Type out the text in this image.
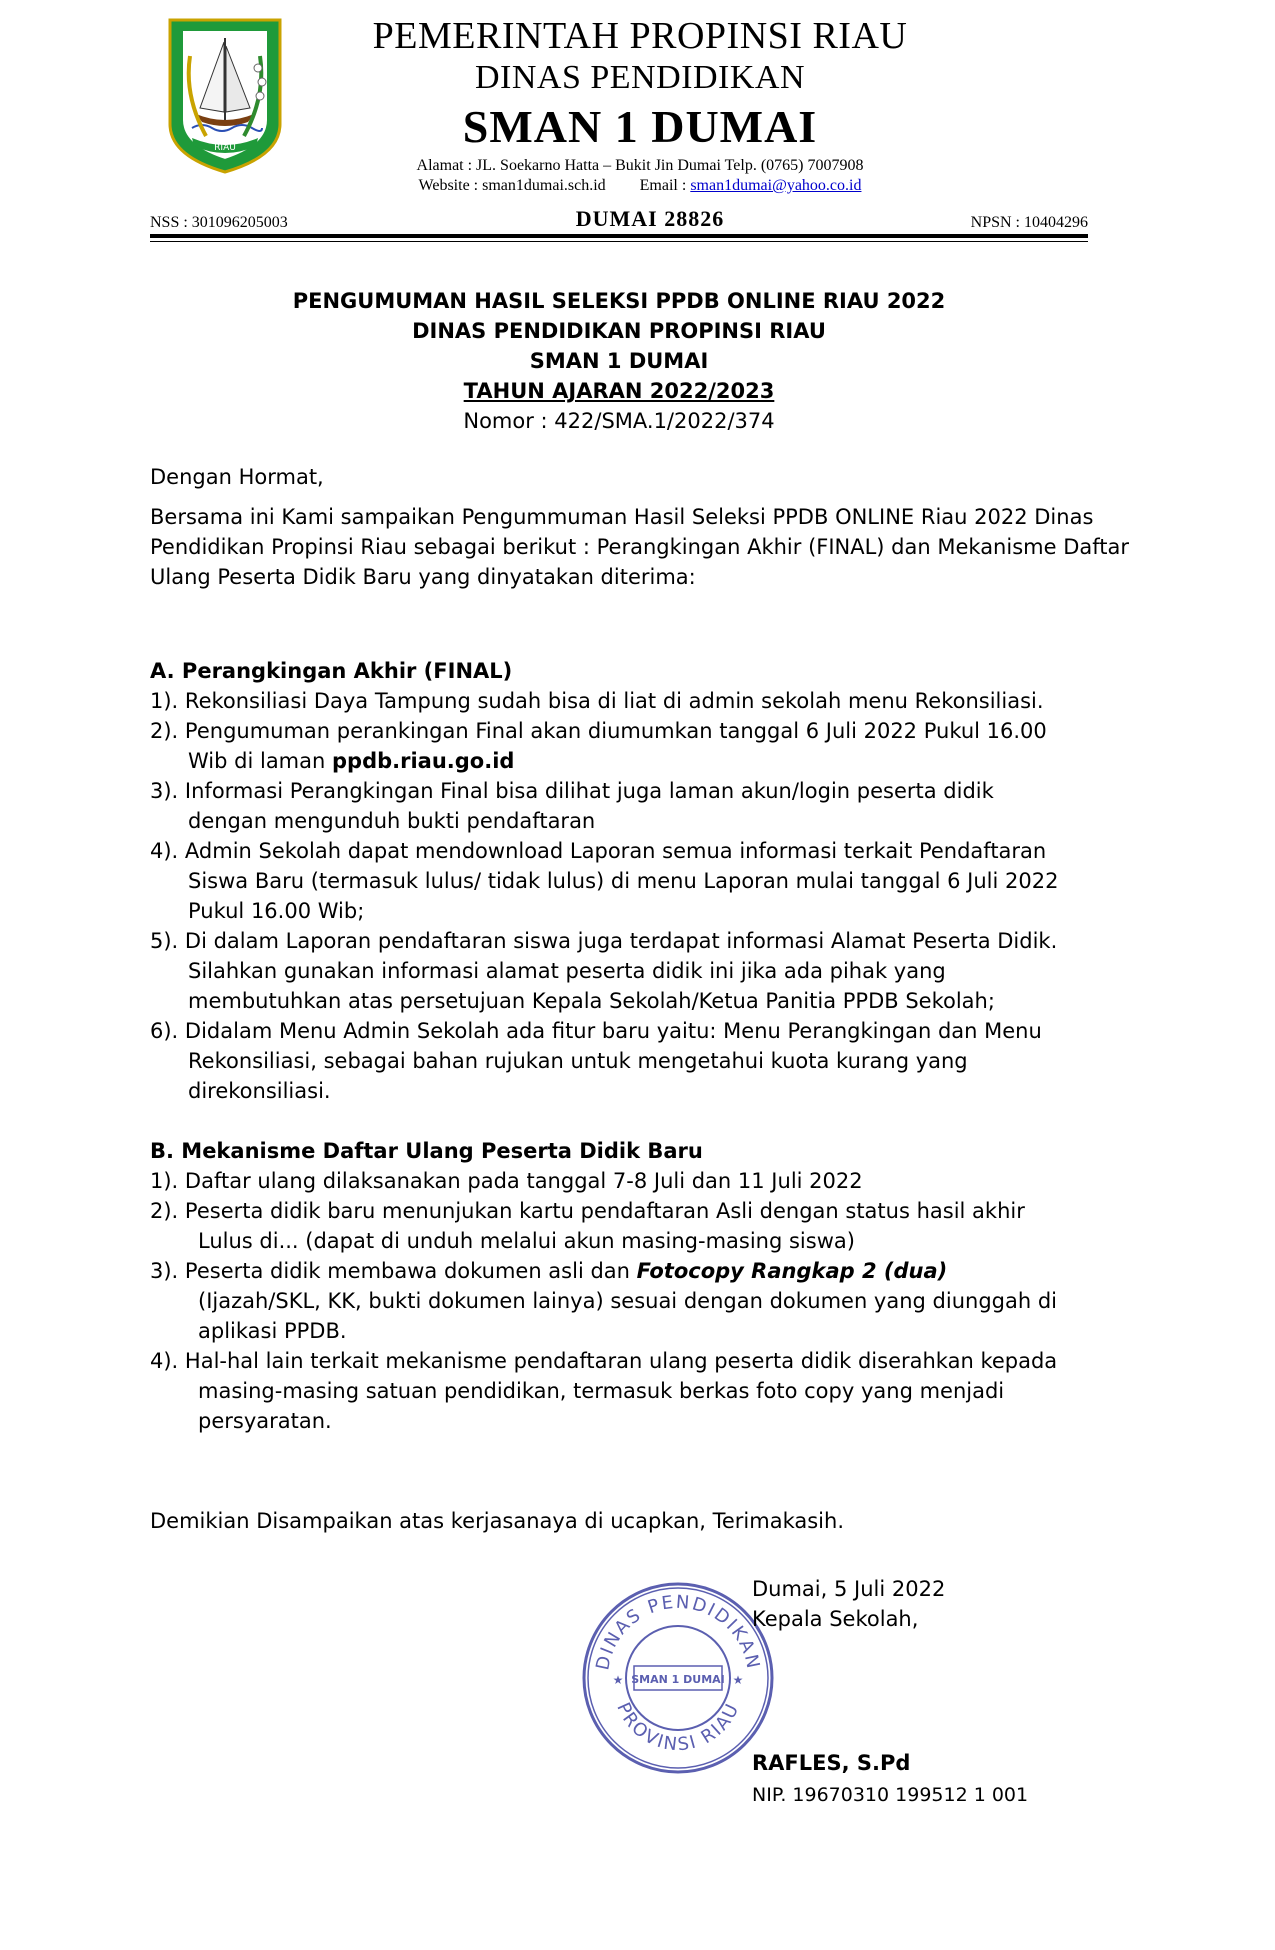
RIAU
PEMERINTAH PROPINSI RIAU
DINAS PENDIDIKAN
SMAN 1 DUMAI
Alamat : JL. Soekarno Hatta – Bukit Jin Dumai Telp. (0765) 7007908
Website : sman1dumai.sch.id Email : sman1dumai@yahoo.co.id
NSS : 301096205003	DUMAI 28826	NPSN : 10404296
PENGUMUMAN HASIL SELEKSI PPDB ONLINE RIAU 2022
DINAS PENDIDIKAN PROPINSI RIAU
SMAN 1 DUMAI
TAHUN AJARAN 2022/2023
Nomor : 422/SMA.1/2022/374
Dengan Hormat,
Bersama ini Kami sampaikan Pengummuman Hasil Seleksi PPDB ONLINE Riau 2022 Dinas Pendidikan Propinsi Riau sebagai berikut : Perangkingan Akhir (FINAL) dan Mekanisme Daftar Ulang Peserta Didik Baru yang dinyatakan diterima:
A. Perangkingan Akhir (FINAL)
1). Rekonsiliasi Daya Tampung sudah bisa di liat di admin sekolah menu Rekonsiliasi.
2). Pengumuman perankingan Final akan diumumkan tanggal 6 Juli 2022 Pukul 16.00
Wib di laman ppdb.riau.go.id
3). Informasi Perangkingan Final bisa dilihat juga laman akun/login peserta didik
dengan mengunduh bukti pendaftaran
4). Admin Sekolah dapat mendownload Laporan semua informasi terkait Pendaftaran
Siswa Baru (termasuk lulus/ tidak lulus) di menu Laporan mulai tanggal 6 Juli 2022
Pukul 16.00 Wib;
5). Di dalam Laporan pendaftaran siswa juga terdapat informasi Alamat Peserta Didik.
Silahkan gunakan informasi alamat peserta didik ini jika ada pihak yang
membutuhkan atas persetujuan Kepala Sekolah/Ketua Panitia PPDB Sekolah;
6). Didalam Menu Admin Sekolah ada fitur baru yaitu: Menu Perangkingan dan Menu
Rekonsiliasi, sebagai bahan rujukan untuk mengetahui kuota kurang yang
direkonsiliasi.
B. Mekanisme Daftar Ulang Peserta Didik Baru
1). Daftar ulang dilaksanakan pada tanggal 7-8 Juli dan 11 Juli 2022
2). Peserta didik baru menunjukan kartu pendaftaran Asli dengan status hasil akhir
Lulus di... (dapat di unduh melalui akun masing-masing siswa)
3). Peserta didik membawa dokumen asli dan Fotocopy Rangkap 2 (dua)
(Ijazah/SKL, KK, bukti dokumen lainya) sesuai dengan dokumen yang diunggah di
aplikasi PPDB.
4). Hal-hal lain terkait mekanisme pendaftaran ulang peserta didik diserahkan kepada
masing-masing satuan pendidikan, termasuk berkas foto copy yang menjadi
persyaratan.
Demikian Disampaikan atas kerjasanaya di ucapkan, Terimakasih.
DINAS PENDIDIKAN
PROVINSI RIAU
SMAN 1 DUMAI
★	★
Dumai, 5 Juli 2022
Kepala Sekolah,
RAFLES, S.Pd
NIP. 19670310 199512 1 001
